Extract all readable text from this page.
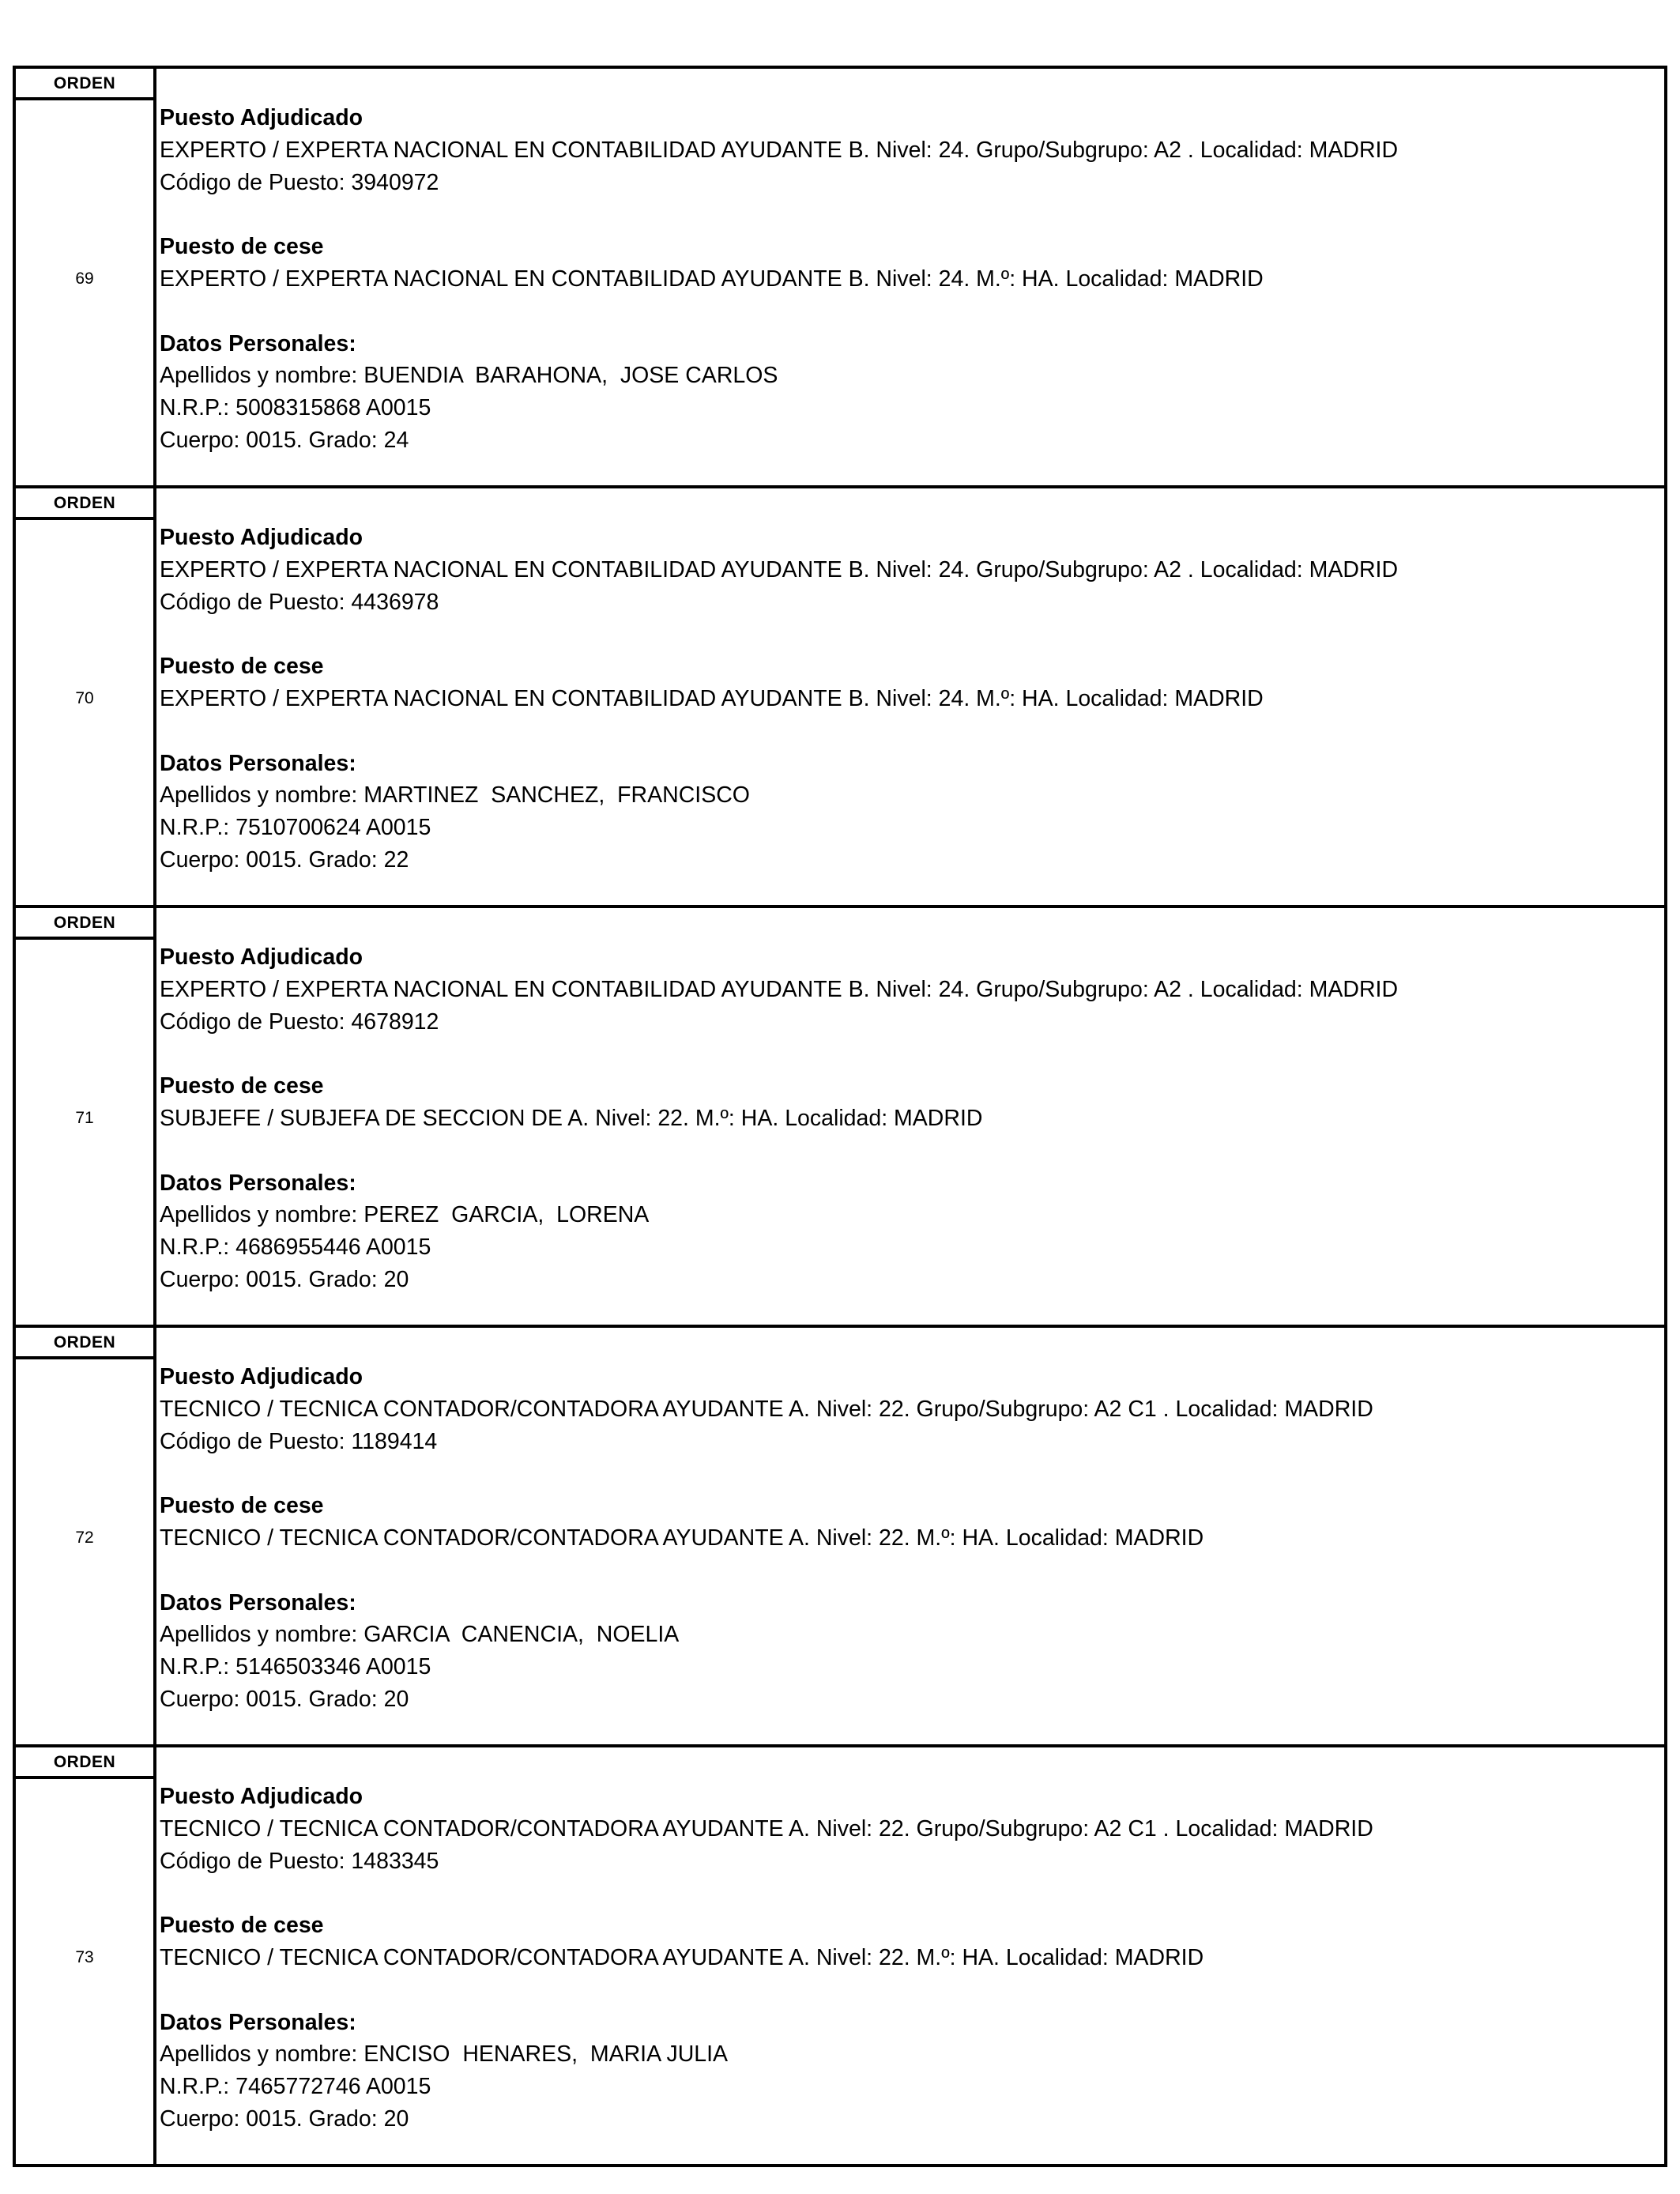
ORDEN
69
Puesto Adjudicado
EXPERTO / EXPERTA NACIONAL EN CONTABILIDAD AYUDANTE B. Nivel: 24. Grupo/Subgrupo: A2 . Localidad: MADRID
Código de Puesto: 3940972
Puesto de cese
EXPERTO / EXPERTA NACIONAL EN CONTABILIDAD AYUDANTE B. Nivel: 24. M.º: HA. Localidad: MADRID
Datos Personales:
Apellidos y nombre: BUENDIA  BARAHONA,  JOSE CARLOS
N.R.P.: 5008315868 A0015
Cuerpo: 0015. Grado: 24
ORDEN
70
Puesto Adjudicado
EXPERTO / EXPERTA NACIONAL EN CONTABILIDAD AYUDANTE B. Nivel: 24. Grupo/Subgrupo: A2 . Localidad: MADRID
Código de Puesto: 4436978
Puesto de cese
EXPERTO / EXPERTA NACIONAL EN CONTABILIDAD AYUDANTE B. Nivel: 24. M.º: HA. Localidad: MADRID
Datos Personales:
Apellidos y nombre: MARTINEZ  SANCHEZ,  FRANCISCO
N.R.P.: 7510700624 A0015
Cuerpo: 0015. Grado: 22
ORDEN
71
Puesto Adjudicado
EXPERTO / EXPERTA NACIONAL EN CONTABILIDAD AYUDANTE B. Nivel: 24. Grupo/Subgrupo: A2 . Localidad: MADRID
Código de Puesto: 4678912
Puesto de cese
SUBJEFE / SUBJEFA DE SECCION DE A. Nivel: 22. M.º: HA. Localidad: MADRID
Datos Personales:
Apellidos y nombre: PEREZ  GARCIA,  LORENA
N.R.P.: 4686955446 A0015
Cuerpo: 0015. Grado: 20
ORDEN
72
Puesto Adjudicado
TECNICO / TECNICA CONTADOR/CONTADORA AYUDANTE A. Nivel: 22. Grupo/Subgrupo: A2 C1 . Localidad: MADRID
Código de Puesto: 1189414
Puesto de cese
TECNICO / TECNICA CONTADOR/CONTADORA AYUDANTE A. Nivel: 22. M.º: HA. Localidad: MADRID
Datos Personales:
Apellidos y nombre: GARCIA  CANENCIA,  NOELIA
N.R.P.: 5146503346 A0015
Cuerpo: 0015. Grado: 20
ORDEN
73
Puesto Adjudicado
TECNICO / TECNICA CONTADOR/CONTADORA AYUDANTE A. Nivel: 22. Grupo/Subgrupo: A2 C1 . Localidad: MADRID
Código de Puesto: 1483345
Puesto de cese
TECNICO / TECNICA CONTADOR/CONTADORA AYUDANTE A. Nivel: 22. M.º: HA. Localidad: MADRID
Datos Personales:
Apellidos y nombre: ENCISO  HENARES,  MARIA JULIA
N.R.P.: 7465772746 A0015
Cuerpo: 0015. Grado: 20
